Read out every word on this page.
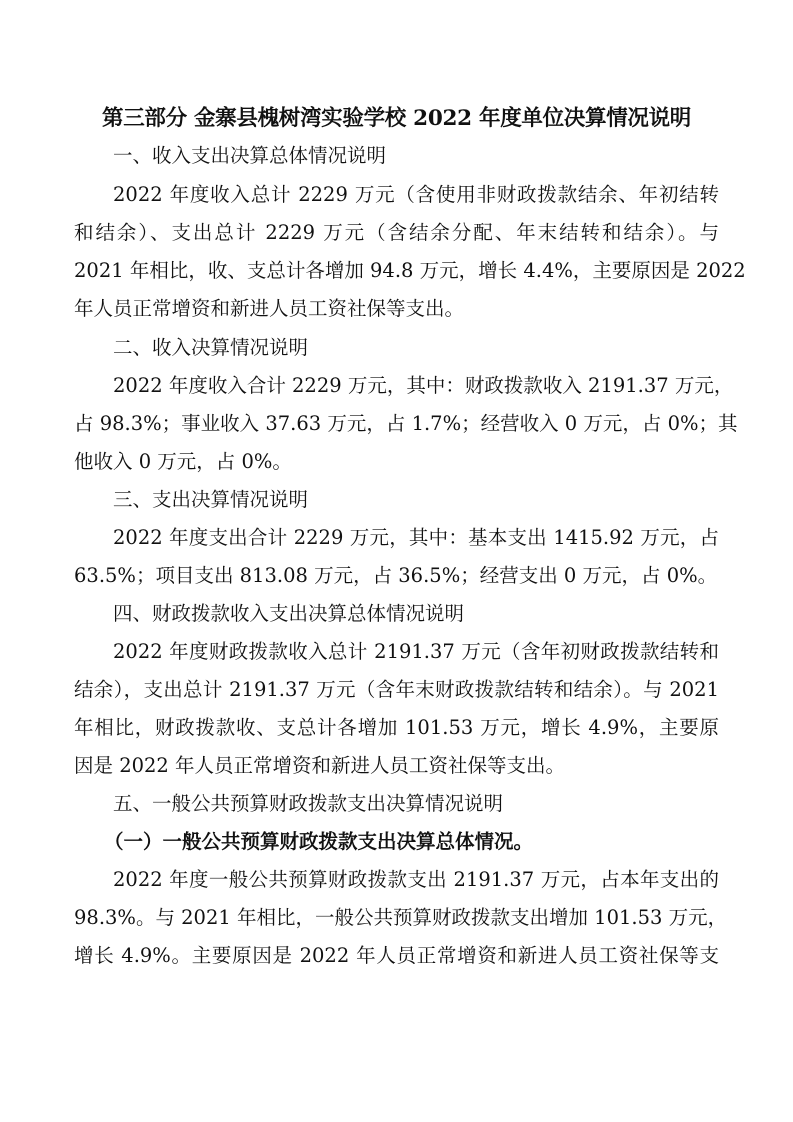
第三部分 金寨县槐树湾实验学校 2022 年度单位决算情况说明
一、收入支出决算总体情况说明
2022 年度收入总计 2229 万元（含使用非财政拨款结余、年初结转
和结余）、支出总计 2229 万元（含结余分配、年末结转和结余）。与
2021 年相比，收、支总计各增加 94.8 万元，增长 4.4%，主要原因是 2022
年人员正常增资和新进人员工资社保等支出。
二、收入决算情况说明
2022 年度收入合计 2229 万元，其中：财政拨款收入 2191.37 万元，
占 98.3%；事业收入 37.63 万元，占 1.7%；经营收入 0 万元，占 0%；其
他收入 0 万元，占 0%。
三、支出决算情况说明
2022 年度支出合计 2229 万元，其中：基本支出 1415.92 万元，占
63.5%；项目支出 813.08 万元，占 36.5%；经营支出 0 万元，占 0%。
四、财政拨款收入支出决算总体情况说明
2022 年度财政拨款收入总计 2191.37 万元（含年初财政拨款结转和
结余），支出总计 2191.37 万元（含年末财政拨款结转和结余）。与 2021
年相比，财政拨款收、支总计各增加 101.53 万元，增长 4.9%，主要原
因是 2022 年人员正常增资和新进人员工资社保等支出。
五、一般公共预算财政拨款支出决算情况说明
（一）一般公共预算财政拨款支出决算总体情况。
2022 年度一般公共预算财政拨款支出 2191.37 万元，占本年支出的
98.3%。与 2021 年相比，一般公共预算财政拨款支出增加 101.53 万元，
增长 4.9%。主要原因是 2022 年人员正常增资和新进人员工资社保等支
